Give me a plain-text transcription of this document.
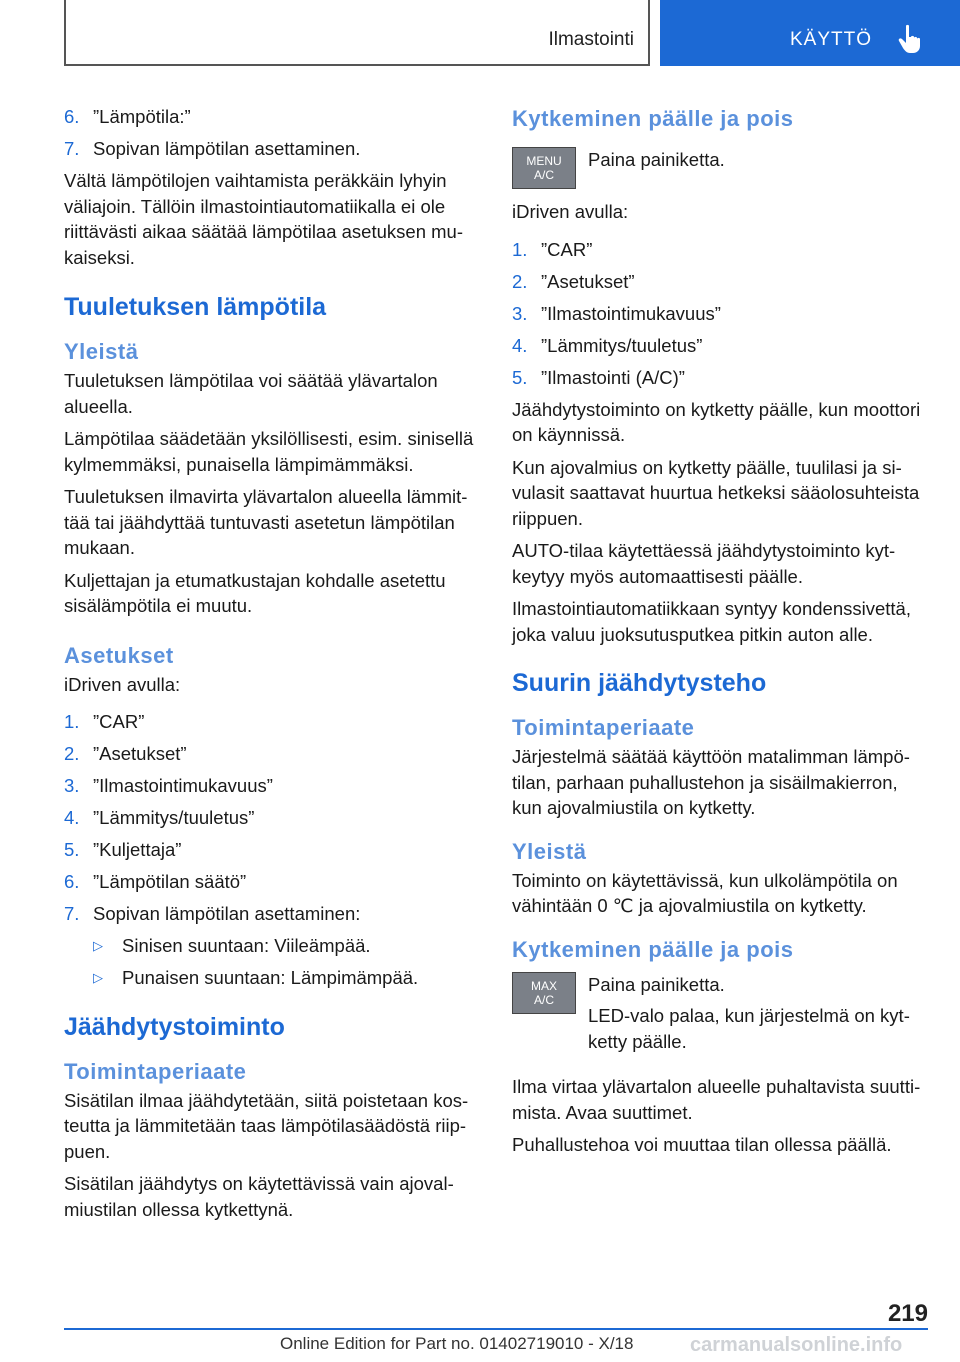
Ilmastointi	KÄYTTÖ
6. ”Lämpötila:”
7. Sopivan lämpötilan asettaminen.

Vältä lämpötilojen vaihtamista peräkkäin lyhyin väliajoin. Tällöin ilmastointiautomatiikalla ei ole riittävästi aikaa säätää lämpötilaa asetuksen mukaiseksi.

Tuuletuksen lämpötila
Yleistä

Tuuletuksen lämpötilaa voi säätää ylävartalon alueella.

Lämpötilaa säädetään yksilöllisesti, esim. sinisellä kylmemmäksi, punaisella lämpimämmäksi.

Tuuletuksen ilmavirta ylävartalon alueella lämmittää tai jäähdyttää tuntuvasti asetetun lämpötilan mukaan.

Kuljettajan ja etumatkustajan kohdalle asetettu sisälämpötila ei muutu.

Asetukset

iDriven avulla:

1. ”CAR”
2. ”Asetukset”
3. ”Ilmastointimukavuus”
4. ”Lämmitys/tuuletus”
5. ”Kuljettaja”
6. ”Lämpötilan säätö”
7. Sopivan lämpötilan asettaminen:
▷	Sinisen suuntaan: Viileämpää.
▷	Punaisen suuntaan: Lämpimämpää.
Jäähdytystoiminto
Toimintaperiaate

Sisätilan ilmaa jäähdytetään, siitä poistetaan kosteutta ja lämmitetään taas lämpötilasäädöstä riippuen.

Sisätilan jäähdytys on käytettävissä vain ajovalmiustilan ollessa kytkettynä.

Kytkeminen päälle ja pois
MENU
A/C

Paina painiketta.

iDriven avulla:

1. ”CAR”
2. ”Asetukset”
3. ”Ilmastointimukavuus”
4. ”Lämmitys/tuuletus”
5. ”Ilmastointi (A/C)”

Jäähdytystoiminto on kytketty päälle, kun moottori on käynnissä.

Kun ajovalmius on kytketty päälle, tuulilasi ja sivulasit saattavat huurtua hetkeksi sääolosuhteista riippuen.

AUTO-tilaa käytettäessä jäähdytystoiminto kytkeytyy myös automaattisesti päälle.

Ilmastointiautomatiikkaan syntyy kondenssivettä, joka valuu juoksutusputkea pitkin auton alle.

Suurin jäähdytysteho
Toimintaperiaate

Järjestelmä säätää käyttöön matalimman lämpötilan, parhaan puhallustehon ja sisäilmakierron, kun ajovalmiustila on kytketty.

Yleistä

Toiminto on käytettävissä, kun ulkolämpötila on vähintään 0 ℃ ja ajovalmiustila on kytketty.

Kytkeminen päälle ja pois
MAX
A/C

Paina painiketta.

LED-valo palaa, kun järjestelmä on kytketty päälle.

Ilma virtaa ylävartalon alueelle puhaltavista suuttimista. Avaa suuttimet.

Puhallustehoa voi muuttaa tilan ollessa päällä.

219
Online Edition for Part no. 01402719010 - X/18	carmanualsonline.info
